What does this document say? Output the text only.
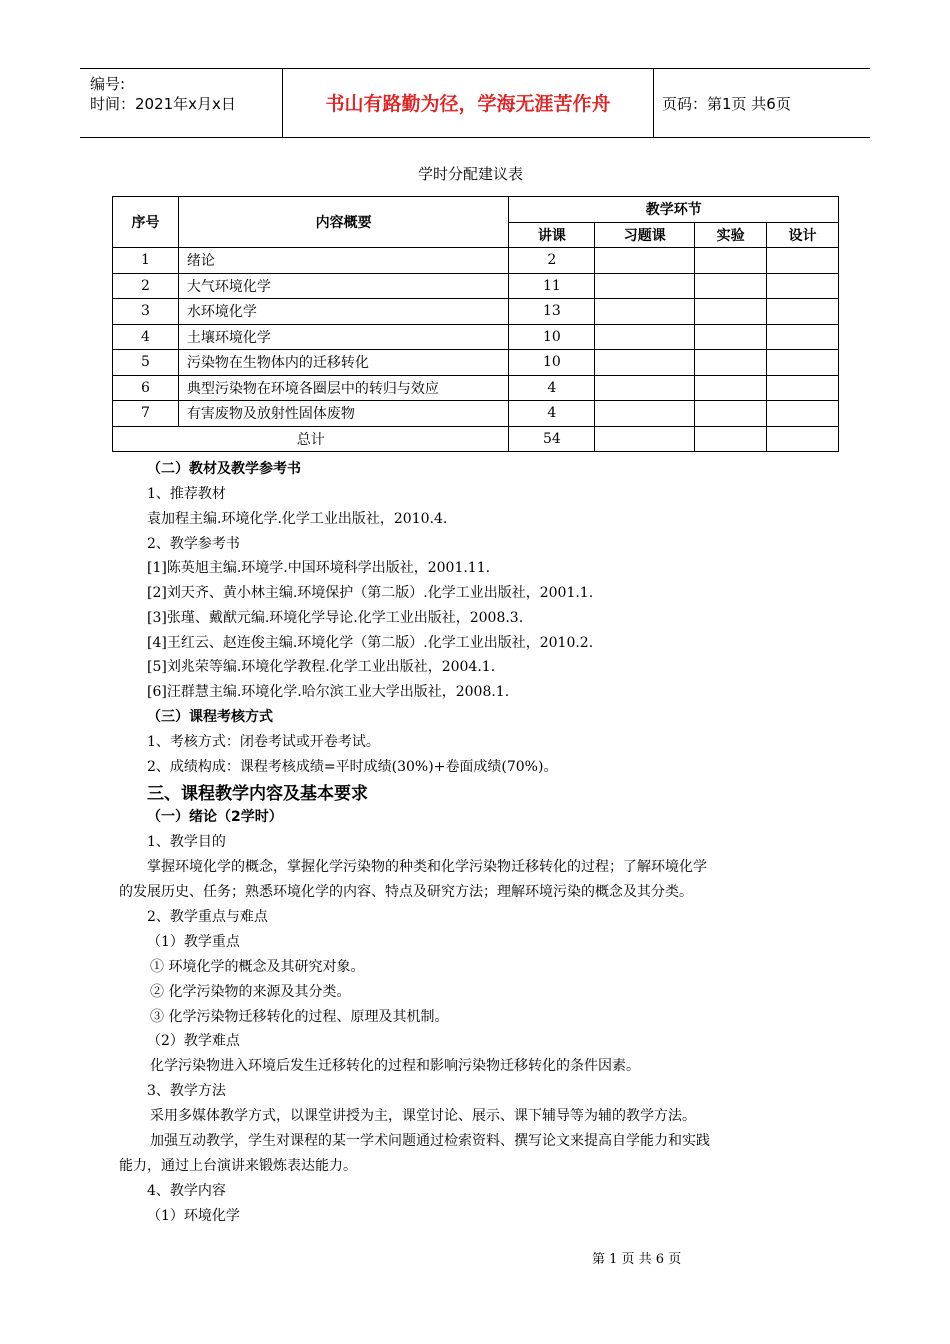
编号:
时间：2021年x月x日	书山有路勤为径，学海无涯苦作舟	页码：第1页 共6页
学时分配建议表
序号	内容概要	教学环节			
		讲课	习题课	实验	设计
1	绪论	2			
2	大气环境化学	11			
3	水环境化学	13			
4	土壤环境化学	10			
5	污染物在生物体内的迁移转化	10			
6	典型污染物在环境各圈层中的转归与效应	4			
7	有害废物及放射性固体废物	4			
总计		54			
（二）教材及教学参考书
1、推荐教材
袁加程主编.环境化学.化学工业出版社，2010.4.
2、教学参考书
[1]陈英旭主编.环境学.中国环境科学出版社，2001.11.
[2]刘天齐、黄小林主编.环境保护（第二版）.化学工业出版社，2001.1.
[3]张瑾、戴猷元编.环境化学导论.化学工业出版社，2008.3.
[4]王红云、赵连俊主编.环境化学（第二版）.化学工业出版社，2010.2.
[5]刘兆荣等编.环境化学教程.化学工业出版社，2004.1.
[6]汪群慧主编.环境化学.哈尔滨工业大学出版社，2008.1.
（三）课程考核方式
1、考核方式：闭卷考试或开卷考试。
2、成绩构成：课程考核成绩=平时成绩(30%)+卷面成绩(70%)。
三、课程教学内容及基本要求
（一）绪论（2学时）
1、教学目的
掌握环境化学的概念，掌握化学污染物的种类和化学污染物迁移转化的过程；了解环境化学
的发展历史、任务；熟悉环境化学的内容、特点及研究方法；理解环境污染的概念及其分类。
2、教学重点与难点
（1）教学重点
① 环境化学的概念及其研究对象。
② 化学污染物的来源及其分类。
③ 化学污染物迁移转化的过程、原理及其机制。
（2）教学难点
化学污染物进入环境后发生迁移转化的过程和影响污染物迁移转化的条件因素。
3、教学方法
采用多媒体教学方式，以课堂讲授为主，课堂讨论、展示、课下辅导等为辅的教学方法。
加强互动教学，学生对课程的某一学术问题通过检索资料、撰写论文来提高自学能力和实践
能力，通过上台演讲来锻炼表达能力。
4、教学内容
（1）环境化学
第 1 页 共 6 页
